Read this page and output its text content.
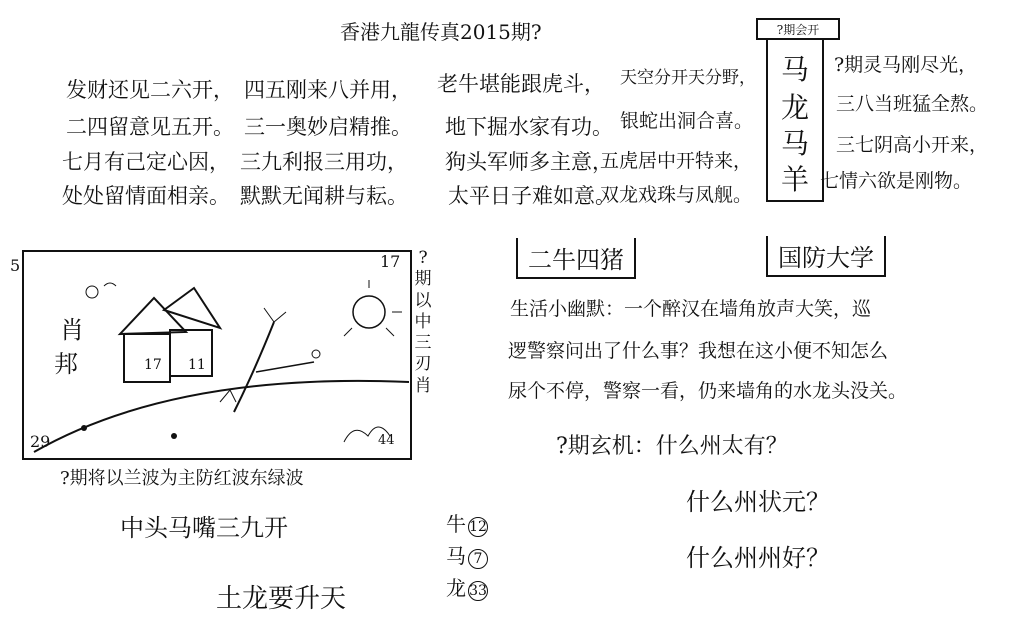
香港九龍传真2015期?
发财还见二六开，
二四留意见五开。
七月有己定心因，
处处留情面相亲。
四五刚来八并用，
三一奥妙启精推。
三九利报三用功，
默默无闻耕与耘。
老牛堪能跟虎斗，
地下掘水家有功。
狗头军师多主意，
太平日子难如意。
天空分开天分野，
银蛇出洞合喜。
五虎居中开特来，
双龙戏珠与凤舰。
?期会开
马
龙
马
羊
?期灵马刚尽光，
三八当班猛全熬。
三七阴高小开来，
七情六欲是刚物。
5	17
29	44
17 11
肖
邦
?
期
以
中
三
刃
肖
?期将以兰波为主防红波东绿波
中头马嘴三九开
土龙要升天
牛 12
马 7
龙 33
二牛四猪	国防大学
生活小幽默：一个醉汉在墙角放声大笑，巡
逻警察问出了什么事？我想在这小便不知怎么
尿个不停，警察一看，仍来墙角的水龙头没关。
?期玄机：什么州太有？
什么州状元？
什么州州好？
